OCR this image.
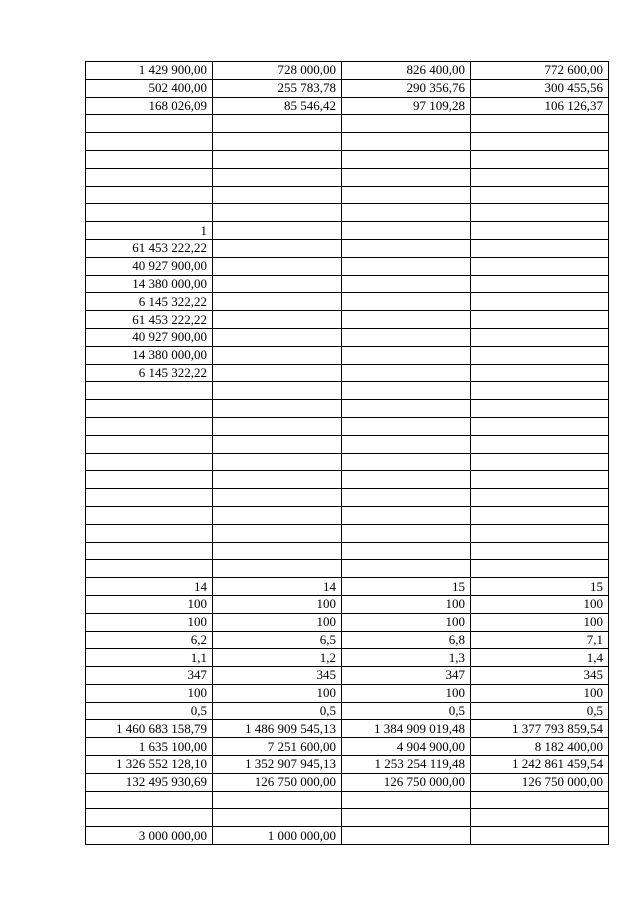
1 429 900,00	728 000,00	826 400,00	772 600,00
502 400,00	255 783,78	290 356,76	300 455,56
168 026,09	85 546,42	97 109,28	106 126,37

1			
61 453 222,22			
40 927 900,00			
14 380 000,00			
6 145 322,22			
61 453 222,22			
40 927 900,00			
14 380 000,00			
6 145 322,22			

14	14	15	15
100	100	100	100
100	100	100	100
6,2	6,5	6,8	7,1
1,1	1,2	1,3	1,4
347	345	347	345
100	100	100	100
0,5	0,5	0,5	0,5
1 460 683 158,79	1 486 909 545,13	1 384 909 019,48	1 377 793 859,54
1 635 100,00	7 251 600,00	4 904 900,00	8 182 400,00
1 326 552 128,10	1 352 907 945,13	1 253 254 119,48	1 242 861 459,54
132 495 930,69	126 750 000,00	126 750 000,00	126 750 000,00

3 000 000,00	1 000 000,00		
